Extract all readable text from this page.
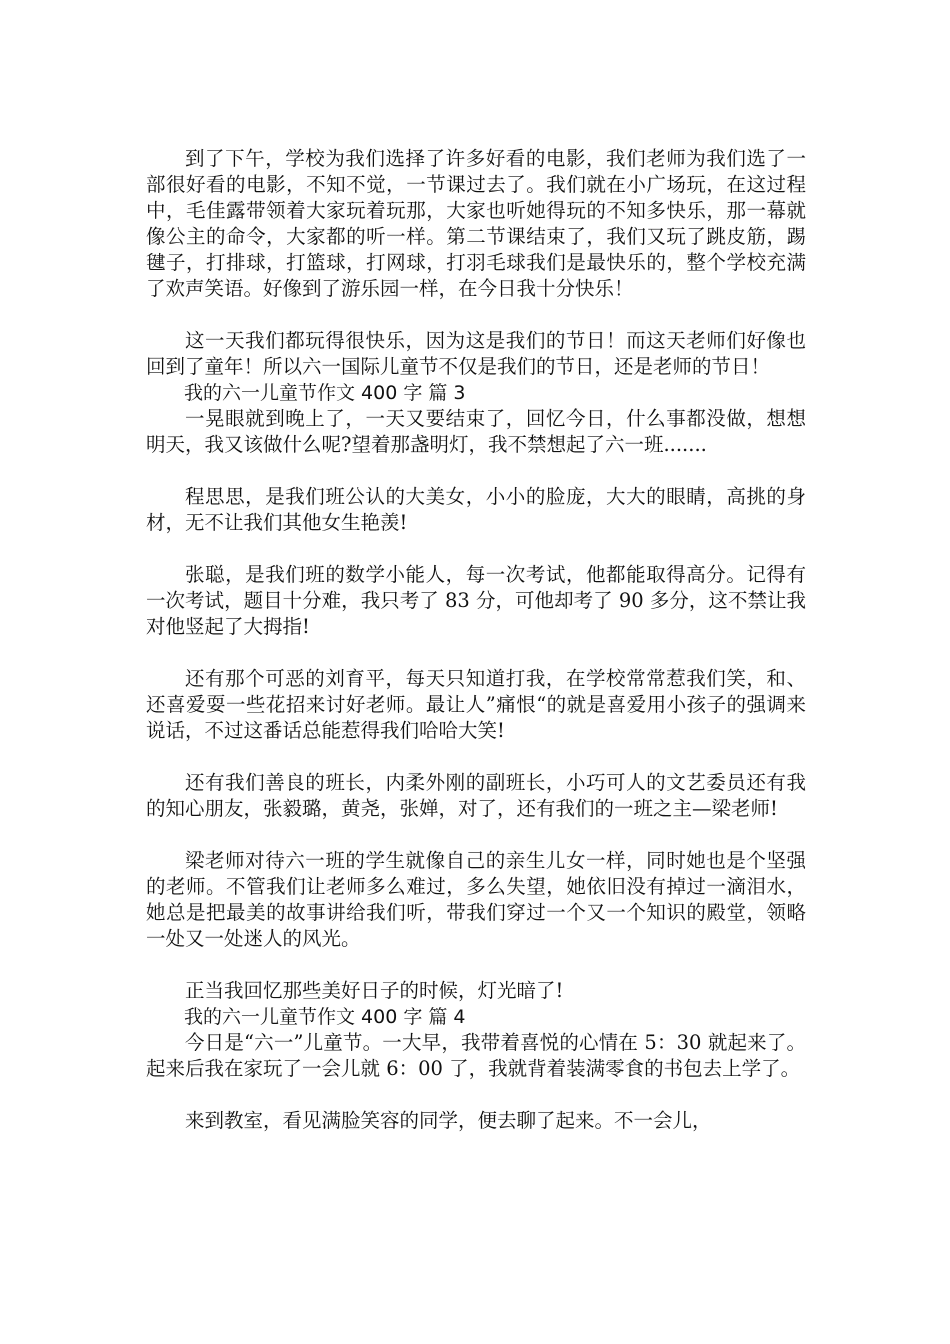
到了下午，学校为我们选择了许多好看的电影，我们老师为我们选了一部很好看的电影，不知不觉，一节课过去了。我们就在小广场玩，在这过程中，毛佳露带领着大家玩着玩那，大家也听她得玩的不知多快乐，那一幕就像公主的命令，大家都的听一样。第二节课结束了，我们又玩了跳皮筋，踢毽子，打排球，打篮球，打网球，打羽毛球我们是最快乐的，整个学校充满了欢声笑语。好像到了游乐园一样，在今日我十分快乐！

这一天我们都玩得很快乐，因为这是我们的节日！而这天老师们好像也回到了童年！所以六一国际儿童节不仅是我们的节日，还是老师的节日！

我的六一儿童节作文 400 字 篇 3

一晃眼就到晚上了，一天又要结束了，回忆今日，什么事都没做，想想明天，我又该做什么呢?望着那盏明灯，我不禁想起了六一班.......

程思思，是我们班公认的大美女，小小的脸庞，大大的眼睛，高挑的身材，无不让我们其他女生艳羡!

张聪，是我们班的数学小能人，每一次考试，他都能取得高分。记得有一次考试，题目十分难，我只考了 83 分，可他却考了 90 多分，这不禁让我对他竖起了大拇指!

还有那个可恶的刘育平，每天只知道打我，在学校常常惹我们笑，和、还喜爱耍一些花招来讨好老师。最让人”痛恨“的就是喜爱用小孩子的强调来说话，不过这番话总能惹得我们哈哈大笑!

还有我们善良的班长，内柔外刚的副班长，小巧可人的文艺委员还有我的知心朋友，张毅璐，黄尧，张婵，对了，还有我们的一班之主—梁老师!

梁老师对待六一班的学生就像自己的亲生儿女一样，同时她也是个坚强的老师。不管我们让老师多么难过，多么失望，她依旧没有掉过一滴泪水，她总是把最美的故事讲给我们听，带我们穿过一个又一个知识的殿堂，领略一处又一处迷人的风光。

正当我回忆那些美好日子的时候，灯光暗了!

我的六一儿童节作文 400 字 篇 4

今日是“六一”儿童节。一大早，我带着喜悦的心情在 5：30 就起来了。起来后我在家玩了一会儿就 6：00 了，我就背着装满零食的书包去上学了。

来到教室，看见满脸笑容的同学，便去聊了起来。不一会儿，
